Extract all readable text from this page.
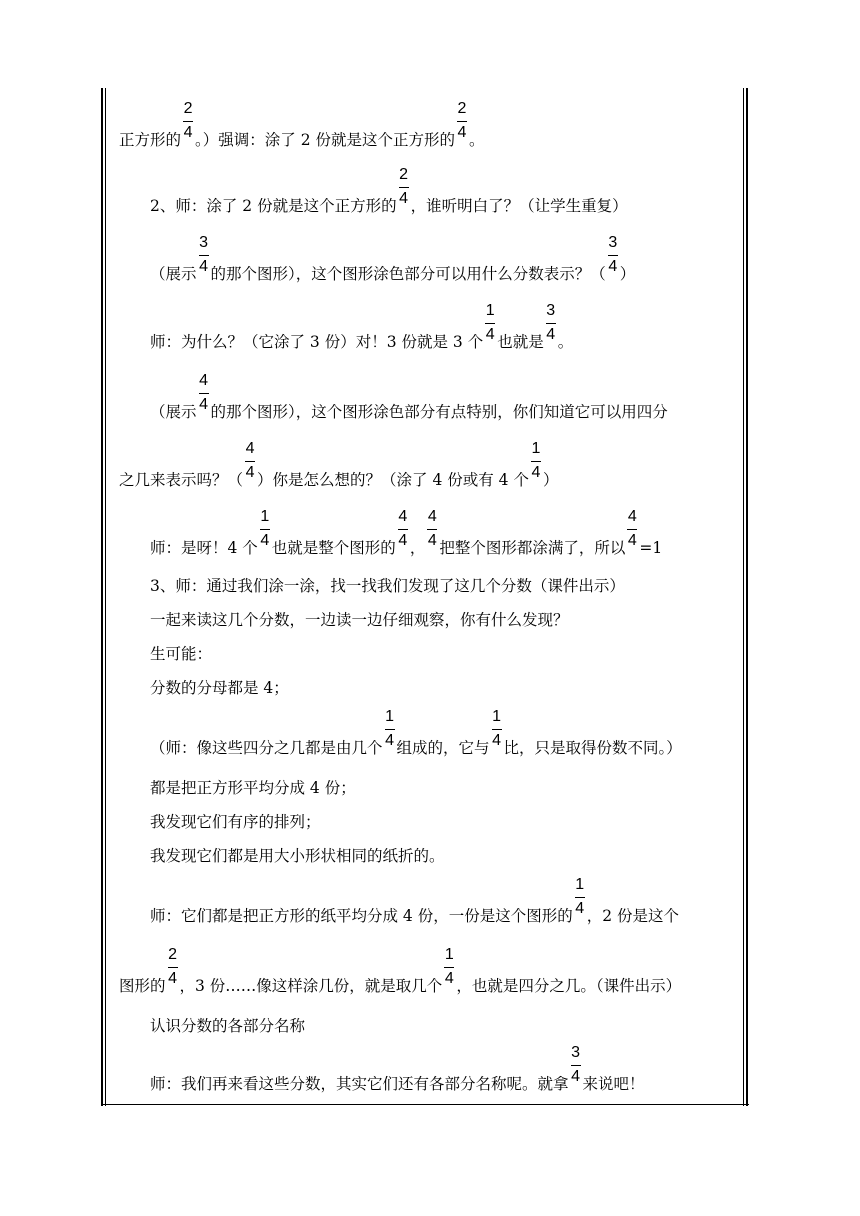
正方形的 $\frac{2}{4}$ 。）强调：涂了 2 份就是这个正方形的 $\frac{2}{4}$ 。
2、师：涂了 2 份就是这个正方形的 $\frac{2}{4}$ ，谁听明白了？（让学生重复）
（展示 $\frac{3}{4}$ 的那个图形），这个图形涂色部分可以用什么分数表示？（ $\frac{3}{4}$ ）
师：为什么？（它涂了 3 份）对！3 份就是 3 个 $\frac{1}{4}$ 也就是 $\frac{3}{4}$ 。
（展示 $\frac{4}{4}$ 的那个图形），这个图形涂色部分有点特别，你们知道它可以用四分
之几来表示吗？（ $\frac{4}{4}$ ）你是怎么想的？（涂了 4 份或有 4 个 $\frac{1}{4}$ ）
师：是呀！4 个 $\frac{1}{4}$ 也就是整个图形的 $\frac{4}{4}$ ， $\frac{4}{4}$ 把整个图形都涂满了，所以 $\frac{4}{4} =1$
3、师：通过我们涂一涂，找一找我们发现了这几个分数（课件出示）
一起来读这几个分数，一边读一边仔细观察，你有什么发现？
生可能：
分数的分母都是 4；
（师：像这些四分之几都是由几个 $\frac{1}{4}$ 组成的，它与 $\frac{1}{4}$ 比，只是取得份数不同。）
都是把正方形平均分成 4 份；
我发现它们有序的排列；
我发现它们都是用大小形状相同的纸折的。
师：它们都是把正方形的纸平均分成 4 份，一份是这个图形的 $\frac{1}{4}$ ，2 份是这个
图形的 $\frac{2}{4}$ ，3 份……像这样涂几份，就是取几个 $\frac{1}{4}$ ，也就是四分之几。（课件出示）
认识分数的各部分名称
师：我们再来看这些分数，其实它们还有各部分名称呢。就拿 $\frac{3}{4}$ 来说吧！
